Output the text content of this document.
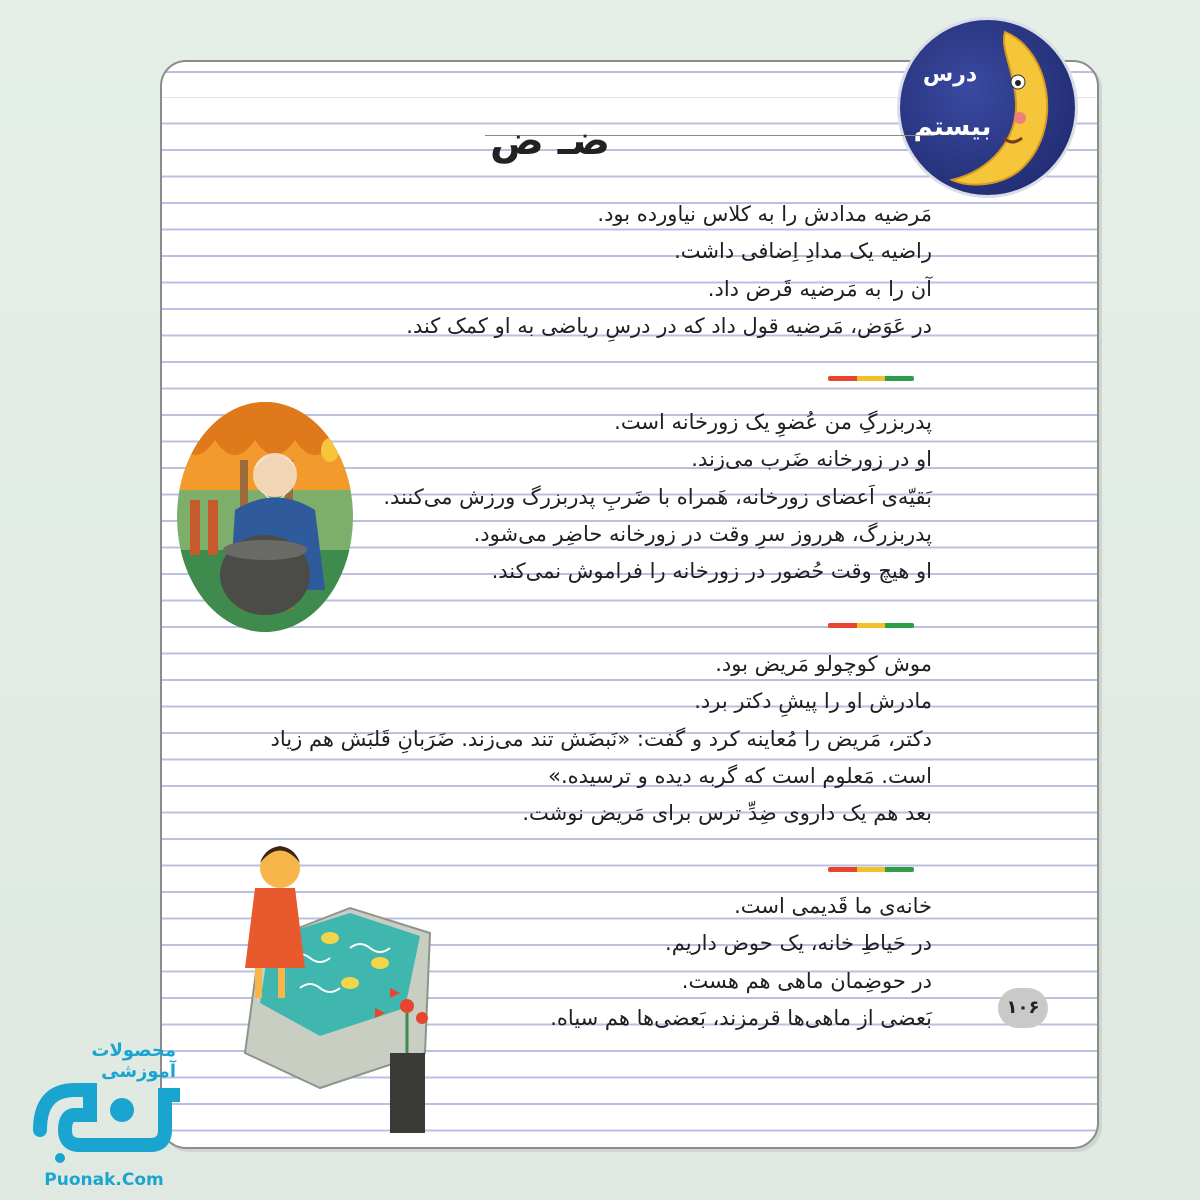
درس
بیستم
ضـ ض
مَرضیه مدادش را به کلاس نیاورده بود.
راضیه یک مدادِ اِضافی داشت.
آن را به مَرضیه قَرض داد.
در عَوَض، مَرضیه قول داد که در درسِ ریاضی به او کمک کند.
پدربزرگِ من عُضوِ یک زورخانه است.
او در زورخانه ضَرب می‌زند.
بَقیّه‌ی اَعضای زورخانه، هَمراه با ضَربِ پدربزرگ ورزش می‌کنند.
پدربزرگ، هرروز سرِ وقت در زورخانه حاضِر می‌شود.
او هیچ وقت حُضور در زورخانه را فراموش نمی‌کند.
موش کوچولو مَریض بود.
مادرش او را پیشِ دکتر برد.
دکتر، مَریض را مُعاینه کرد و گفت: «نَبضَش تند می‌زند. ضَرَبانِ قَلبَش هم زیاد
است. مَعلوم است که گربه دیده و ترسیده.»
بعد هم یک داروی ضِدِّ ترس برای مَریض نوشت.
خانه‌ی ما قَدیمی است.
در حَیاطِ خانه، یک حوض داریم.
در حوضِمان ماهی هم هست.
بَعضی از ماهی‌ها قرمزند، بَعضی‌ها هم سیاه.	۱۰۶
محصولات آموزشی
Puonak.Com
